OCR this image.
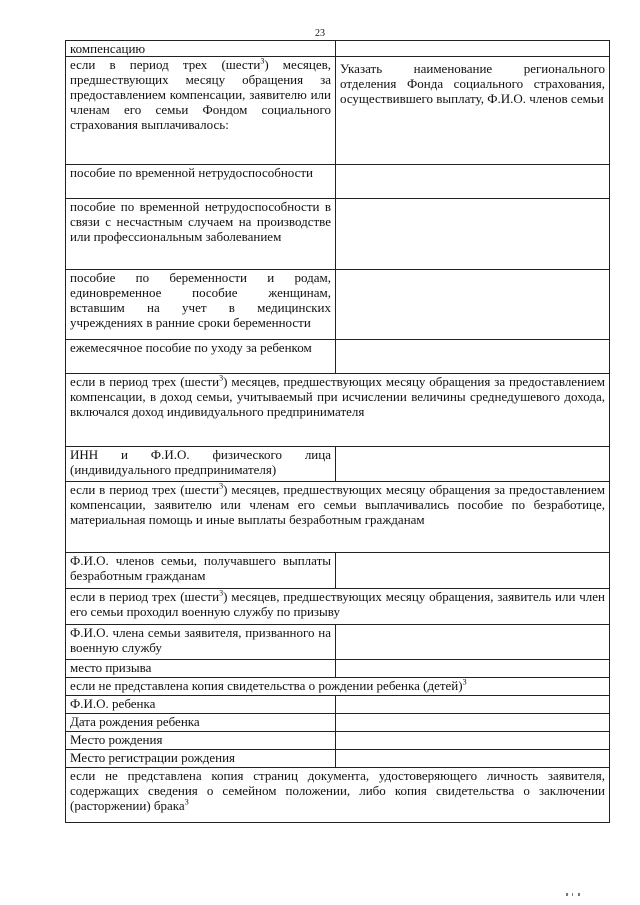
23
компенсацию	
если в период трех (шести$^3$) месяцев, предшествующих месяцу обращения за предоставлением компенсации, заявителю или членам его семьи Фондом социального страхования выплачивалось:	Указать наименование регионального отделения Фонда социального страхования, осуществившего выплату, Ф.И.О. членов семьи
пособие по временной нетрудоспособности	
пособие по временной нетрудоспособности в связи с несчастным случаем на производстве или профессиональным заболеванием	
пособие по беременности и родам, единовременное пособие женщинам, вставшим на учет в медицинских учреждениях в ранние сроки беременности	
ежемесячное пособие по уходу за ребенком	
если в период трех (шести$^3$) месяцев, предшествующих месяцу обращения за предоставлением компенсации, в доход семьи, учитываемый при исчислении величины среднедушевого дохода, включался доход индивидуального предпринимателя	
ИНН и Ф.И.О. физического лица (индивидуального предпринимателя)	
если в период трех (шести$^3$) месяцев, предшествующих месяцу обращения за предоставлением компенсации, заявителю или членам его семьи выплачивались пособие по безработице, материальная помощь и иные выплаты безработным гражданам	
Ф.И.О. членов семьи, получавшего выплаты безработным гражданам	
если в период трех (шести$^3$) месяцев, предшествующих месяцу обращения, заявитель или член его семьи проходил военную службу по призыву	
Ф.И.О. члена семьи заявителя, призванного на военную службу	
место призыва	
если не представлена копия свидетельства о рождении ребенка (детей)$^3$
Ф.И.О. ребенка	
Дата рождения ребенка	
Место рождения	
Место регистрации рождения	
если не представлена копия страниц документа, удостоверяющего личность заявителя, содержащих сведения о семейном положении, либо копия свидетельства о заключении (расторжении) брака$^3$
